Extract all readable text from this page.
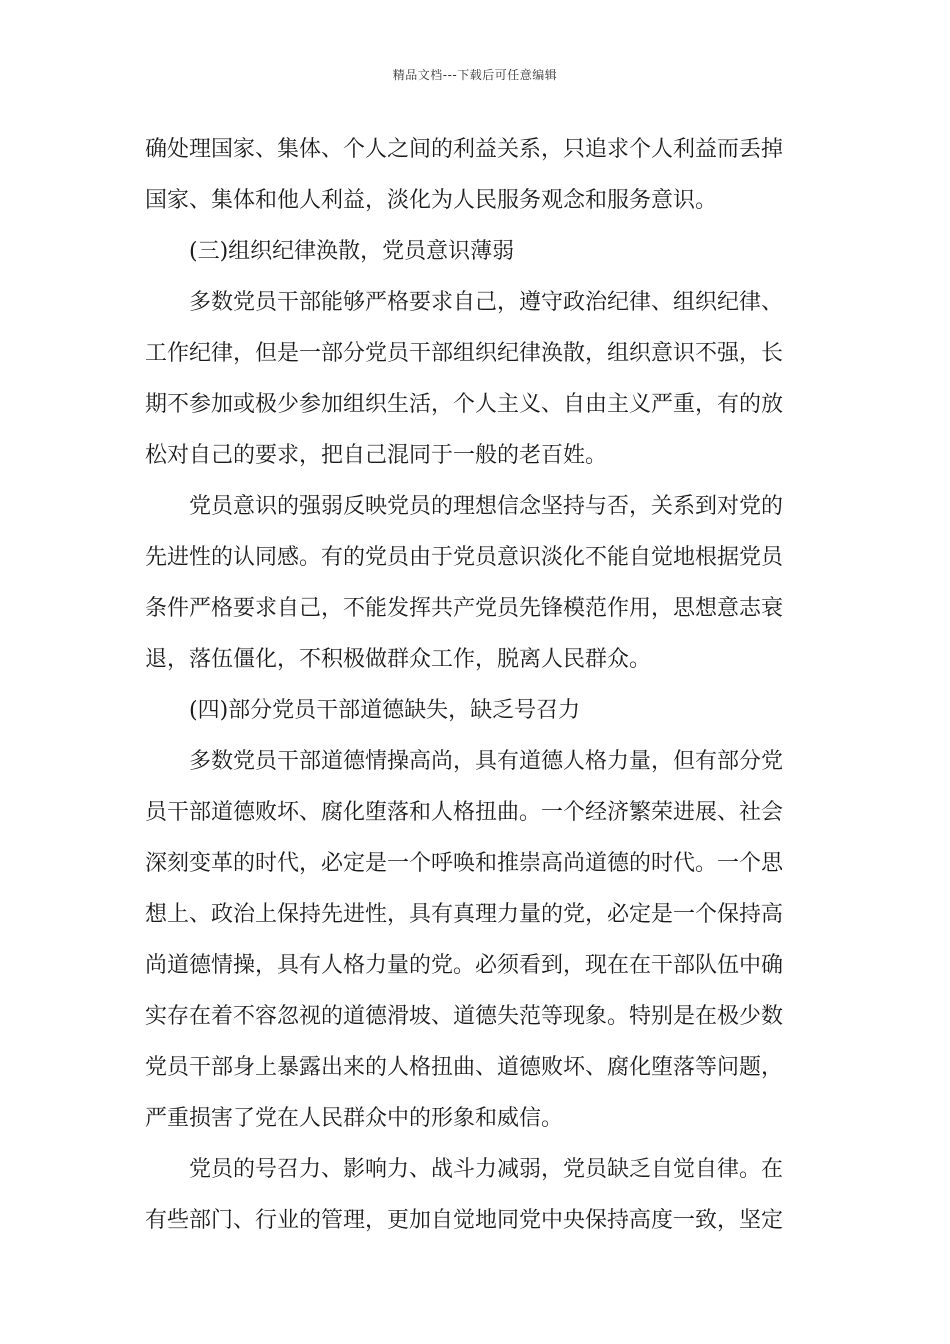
精品文档---下载后可任意编辑
确处理国家、集体、个人之间的利益关系，只追求个人利益而丢掉
国家、集体和他人利益，淡化为人民服务观念和服务意识。
(三)组织纪律涣散，党员意识薄弱
多数党员干部能够严格要求自己，遵守政治纪律、组织纪律、
工作纪律，但是一部分党员干部组织纪律涣散，组织意识不强，长
期不参加或极少参加组织生活，个人主义、自由主义严重，有的放
松对自己的要求，把自己混同于一般的老百姓。
党员意识的强弱反映党员的理想信念坚持与否，关系到对党的
先进性的认同感。有的党员由于党员意识淡化不能自觉地根据党员
条件严格要求自己，不能发挥共产党员先锋模范作用，思想意志衰
退，落伍僵化，不积极做群众工作，脱离人民群众。
(四)部分党员干部道德缺失，缺乏号召力
多数党员干部道德情操高尚，具有道德人格力量，但有部分党
员干部道德败坏、腐化堕落和人格扭曲。一个经济繁荣进展、社会
深刻变革的时代，必定是一个呼唤和推崇高尚道德的时代。一个思
想上、政治上保持先进性，具有真理力量的党，必定是一个保持高
尚道德情操，具有人格力量的党。必须看到，现在在干部队伍中确
实存在着不容忽视的道德滑坡、道德失范等现象。特别是在极少数
党员干部身上暴露出来的人格扭曲、道德败坏、腐化堕落等问题，
严重损害了党在人民群众中的形象和威信。
党员的号召力、影响力、战斗力减弱，党员缺乏自觉自律。在
有些部门、行业的管理，更加自觉地同党中央保持高度一致，坚定
